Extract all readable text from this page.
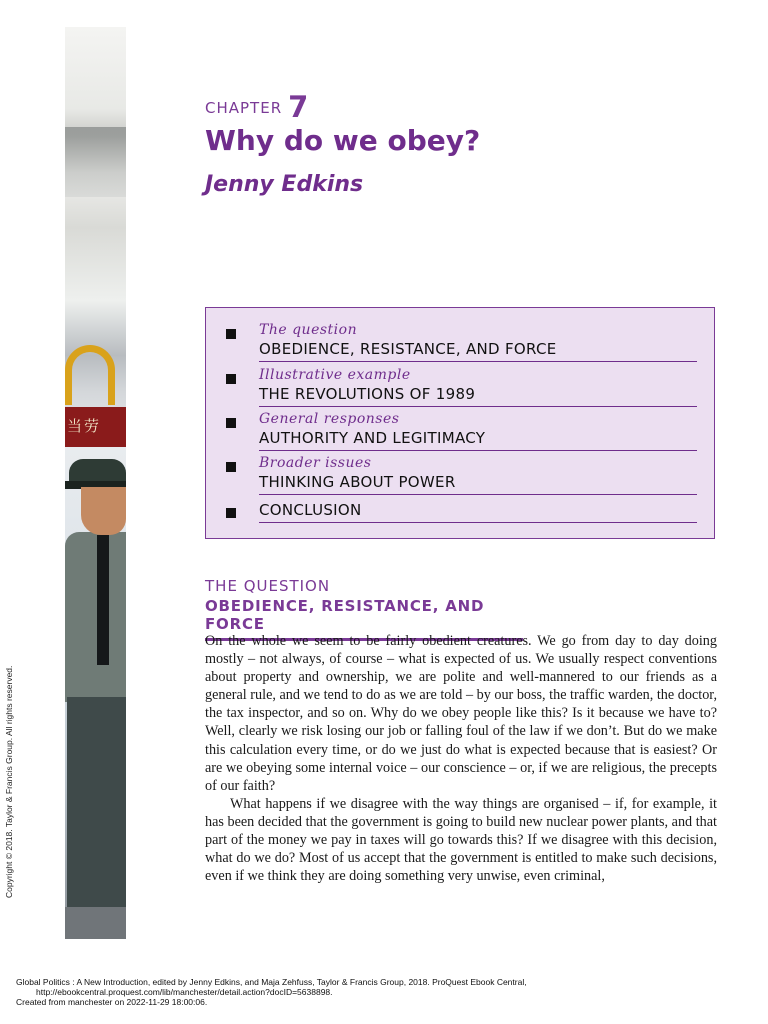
当劳
Copyright © 2018. Taylor & Francis Group. All rights reserved.
CHAPTER 7
Why do we obey?
Jenny Edkins
The question
OBEDIENCE, RESISTANCE, AND FORCE
Illustrative example
THE REVOLUTIONS OF 1989
General responses
AUTHORITY AND LEGITIMACY
Broader issues
THINKING ABOUT POWER
CONCLUSION
THE QUESTION
OBEDIENCE, RESISTANCE, AND FORCE

On the whole we seem to be fairly obedient creatures. We go from day to day doing mostly – not always, of course – what is expected of us. We usually respect conventions about property and ownership, we are polite and well-mannered to our friends as a general rule, and we tend to do as we are told – by our boss, the traffic warden, the doctor, the tax inspector, and so on. Why do we obey people like this? Is it because we have to? Well, clearly we risk losing our job or falling foul of the law if we don’t. But do we make this calculation every time, or do we just do what is expected because that is easiest? Or are we obeying some internal voice – our conscience – or, if we are religious, the precepts of our faith?

What happens if we disagree with the way things are organised – if, for example, it has been decided that the government is going to build new nuclear power plants, and that part of the money we pay in taxes will go towards this? If we disagree with this decision, what do we do? Most of us accept that the government is entitled to make such decisions, even if we think they are doing something very unwise, even criminal,

Global Politics : A New Introduction, edited by Jenny Edkins, and Maja Zehfuss, Taylor & Francis Group, 2018. ProQuest Ebook Central,
http://ebookcentral.proquest.com/lib/manchester/detail.action?docID=5638898.
Created from manchester on 2022-11-29 18:00:06.
